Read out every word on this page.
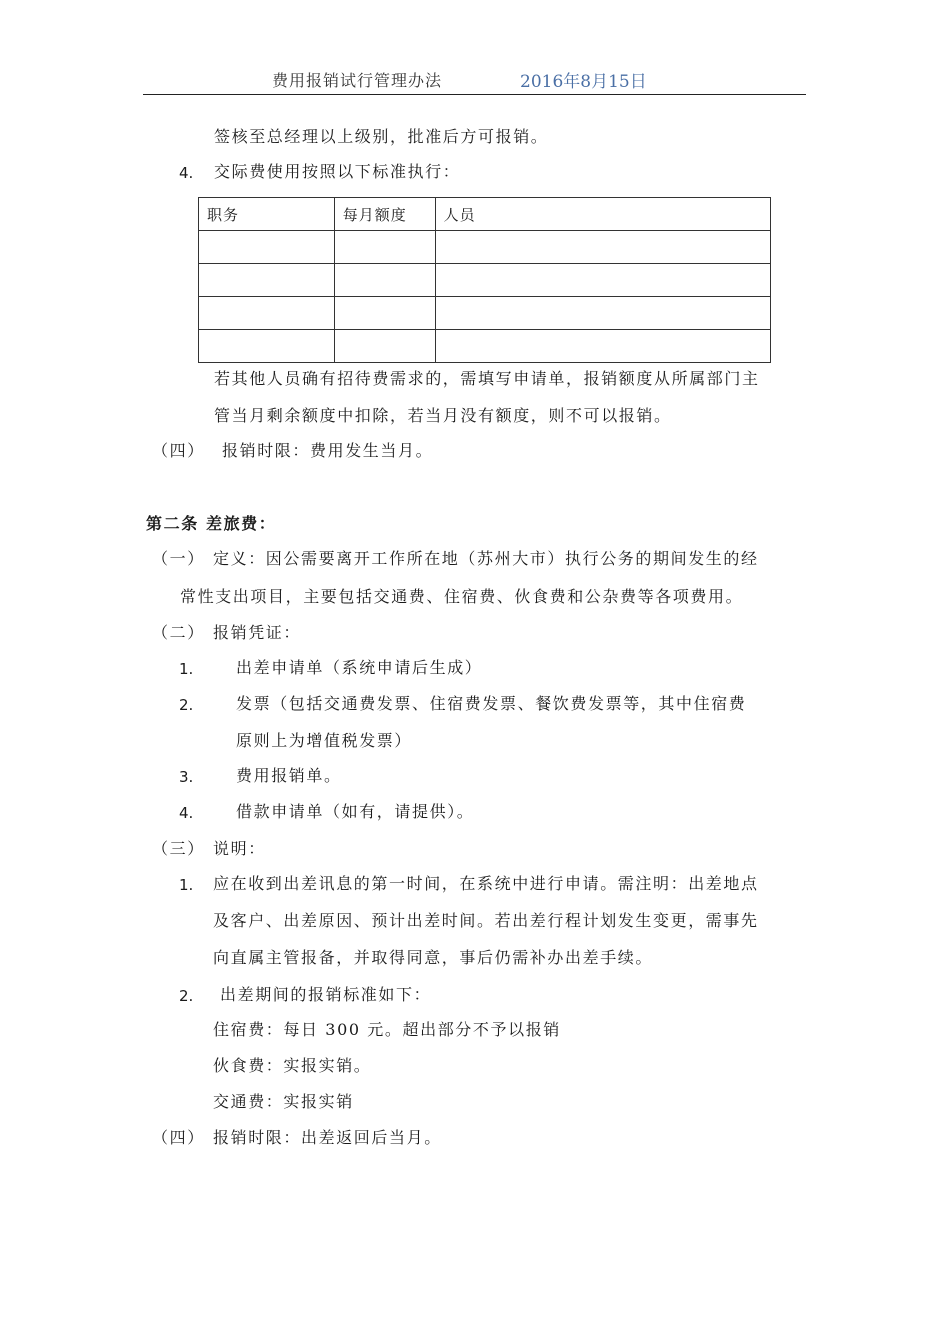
费用报销试行管理办法	2016年8月15日
签核至总经理以上级别，批准后方可报销。
4. 交际费使用按照以下标准执行：
职务	每月额度	人员

若其他人员确有招待费需求的，需填写申请单，报销额度从所属部门主
管当月剩余额度中扣除，若当月没有额度，则不可以报销。
（四） 报销时限：费用发生当月。
第二条 差旅费：
（一） 定义：因公需要离开工作所在地（苏州大市）执行公务的期间发生的经
常性支出项目，主要包括交通费、住宿费、伙食费和公杂费等各项费用。
（二） 报销凭证：
1.	出差申请单（系统申请后生成）
2.	发票（包括交通费发票、住宿费发票、餐饮费发票等，其中住宿费
原则上为增值税发票）
3.	费用报销单。
4.	借款申请单（如有，请提供）。
（三） 说明：
1. 应在收到出差讯息的第一时间，在系统中进行申请。需注明：出差地点
及客户、出差原因、预计出差时间。若出差行程计划发生变更，需事先
向直属主管报备，并取得同意，事后仍需补办出差手续。
2. 出差期间的报销标准如下：
住宿费：每日 300 元。超出部分不予以报销
伙食费：实报实销。
交通费：实报实销
（四） 报销时限：出差返回后当月。
